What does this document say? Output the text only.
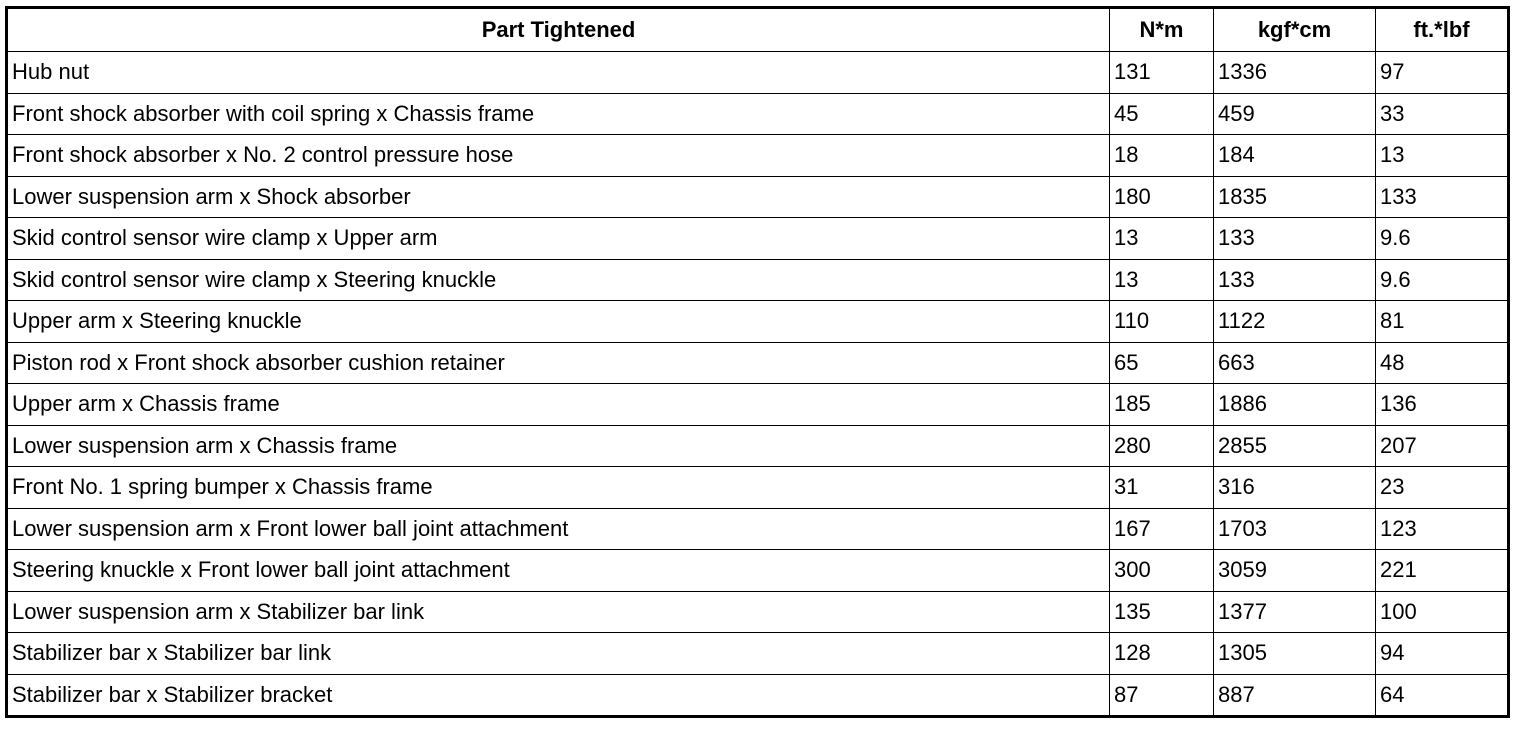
Part Tightened	N*m	kgf*cm	ft.*lbf
Hub nut	131	1336	97
Front shock absorber with coil spring x Chassis frame	45	459	33
Front shock absorber x No. 2 control pressure hose	18	184	13
Lower suspension arm x Shock absorber	180	1835	133
Skid control sensor wire clamp x Upper arm	13	133	9.6
Skid control sensor wire clamp x Steering knuckle	13	133	9.6
Upper arm x Steering knuckle	110	1122	81
Piston rod x Front shock absorber cushion retainer	65	663	48
Upper arm x Chassis frame	185	1886	136
Lower suspension arm x Chassis frame	280	2855	207
Front No. 1 spring bumper x Chassis frame	31	316	23
Lower suspension arm x Front lower ball joint attachment	167	1703	123
Steering knuckle x Front lower ball joint attachment	300	3059	221
Lower suspension arm x Stabilizer bar link	135	1377	100
Stabilizer bar x Stabilizer bar link	128	1305	94
Stabilizer bar x Stabilizer bracket	87	887	64
